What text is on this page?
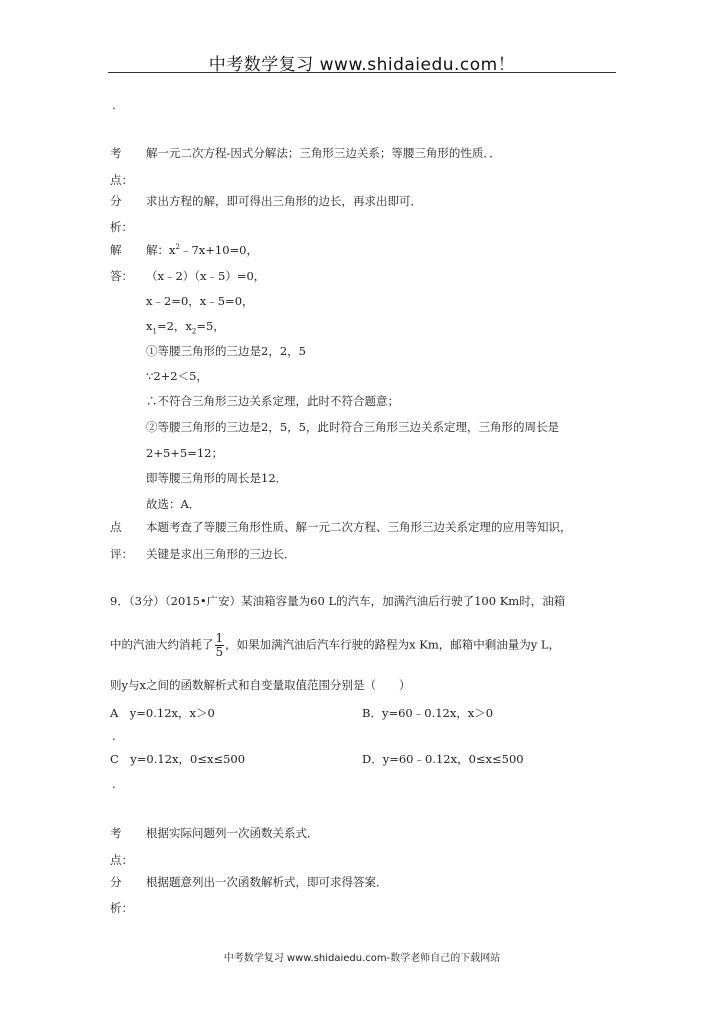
中考数学复习 www.shidaiedu.com！
.
考
点：
解一元二次方程-因式分解法；三角形三边关系；等腰三角形的性质．．
分
析：
求出方程的解，即可得出三角形的边长，再求出即可．
解
答：
解：$x^2﹣7x+10=0$，
（x﹣2）（x﹣5）=0，
x﹣2=0，x﹣5=0，
$x_1=2$，$x_2=5$，
①等腰三角形的三边是2，2，5
∵2+2＜5，
∴不符合三角形三边关系定理，此时不符合题意；
②等腰三角形的三边是2，5，5，此时符合三角形三边关系定理，三角形的周长是
2+5+5=12；
即等腰三角形的周长是12．
故选：A．
点
评：
本题考查了等腰三角形性质、解一元二次方程、三角形三边关系定理的应用等知识，
关键是求出三角形的三边长．
9．（3分）（2015•广安）某油箱容量为60 L的汽车，加满汽油后行驶了100 Km时，油箱
中的汽油大约消耗了 $\frac{1}{5}$ ，如果加满汽油后汽车行驶的路程为x Km，邮箱中剩油量为y L，
则y与x之间的函数解析式和自变量取值范围分别是（　　）
A　y=0.12x，x＞0	B．y=60﹣0.12x，x＞0
.
C　y=0.12x，0≤x≤500	D．y=60﹣0.12x，0≤x≤500
.
考
点：
根据实际问题列一次函数关系式．
分
析：
根据题意列出一次函数解析式，即可求得答案．
中考数学复习 www.shidaiedu.com-数学老师自己的下载网站
